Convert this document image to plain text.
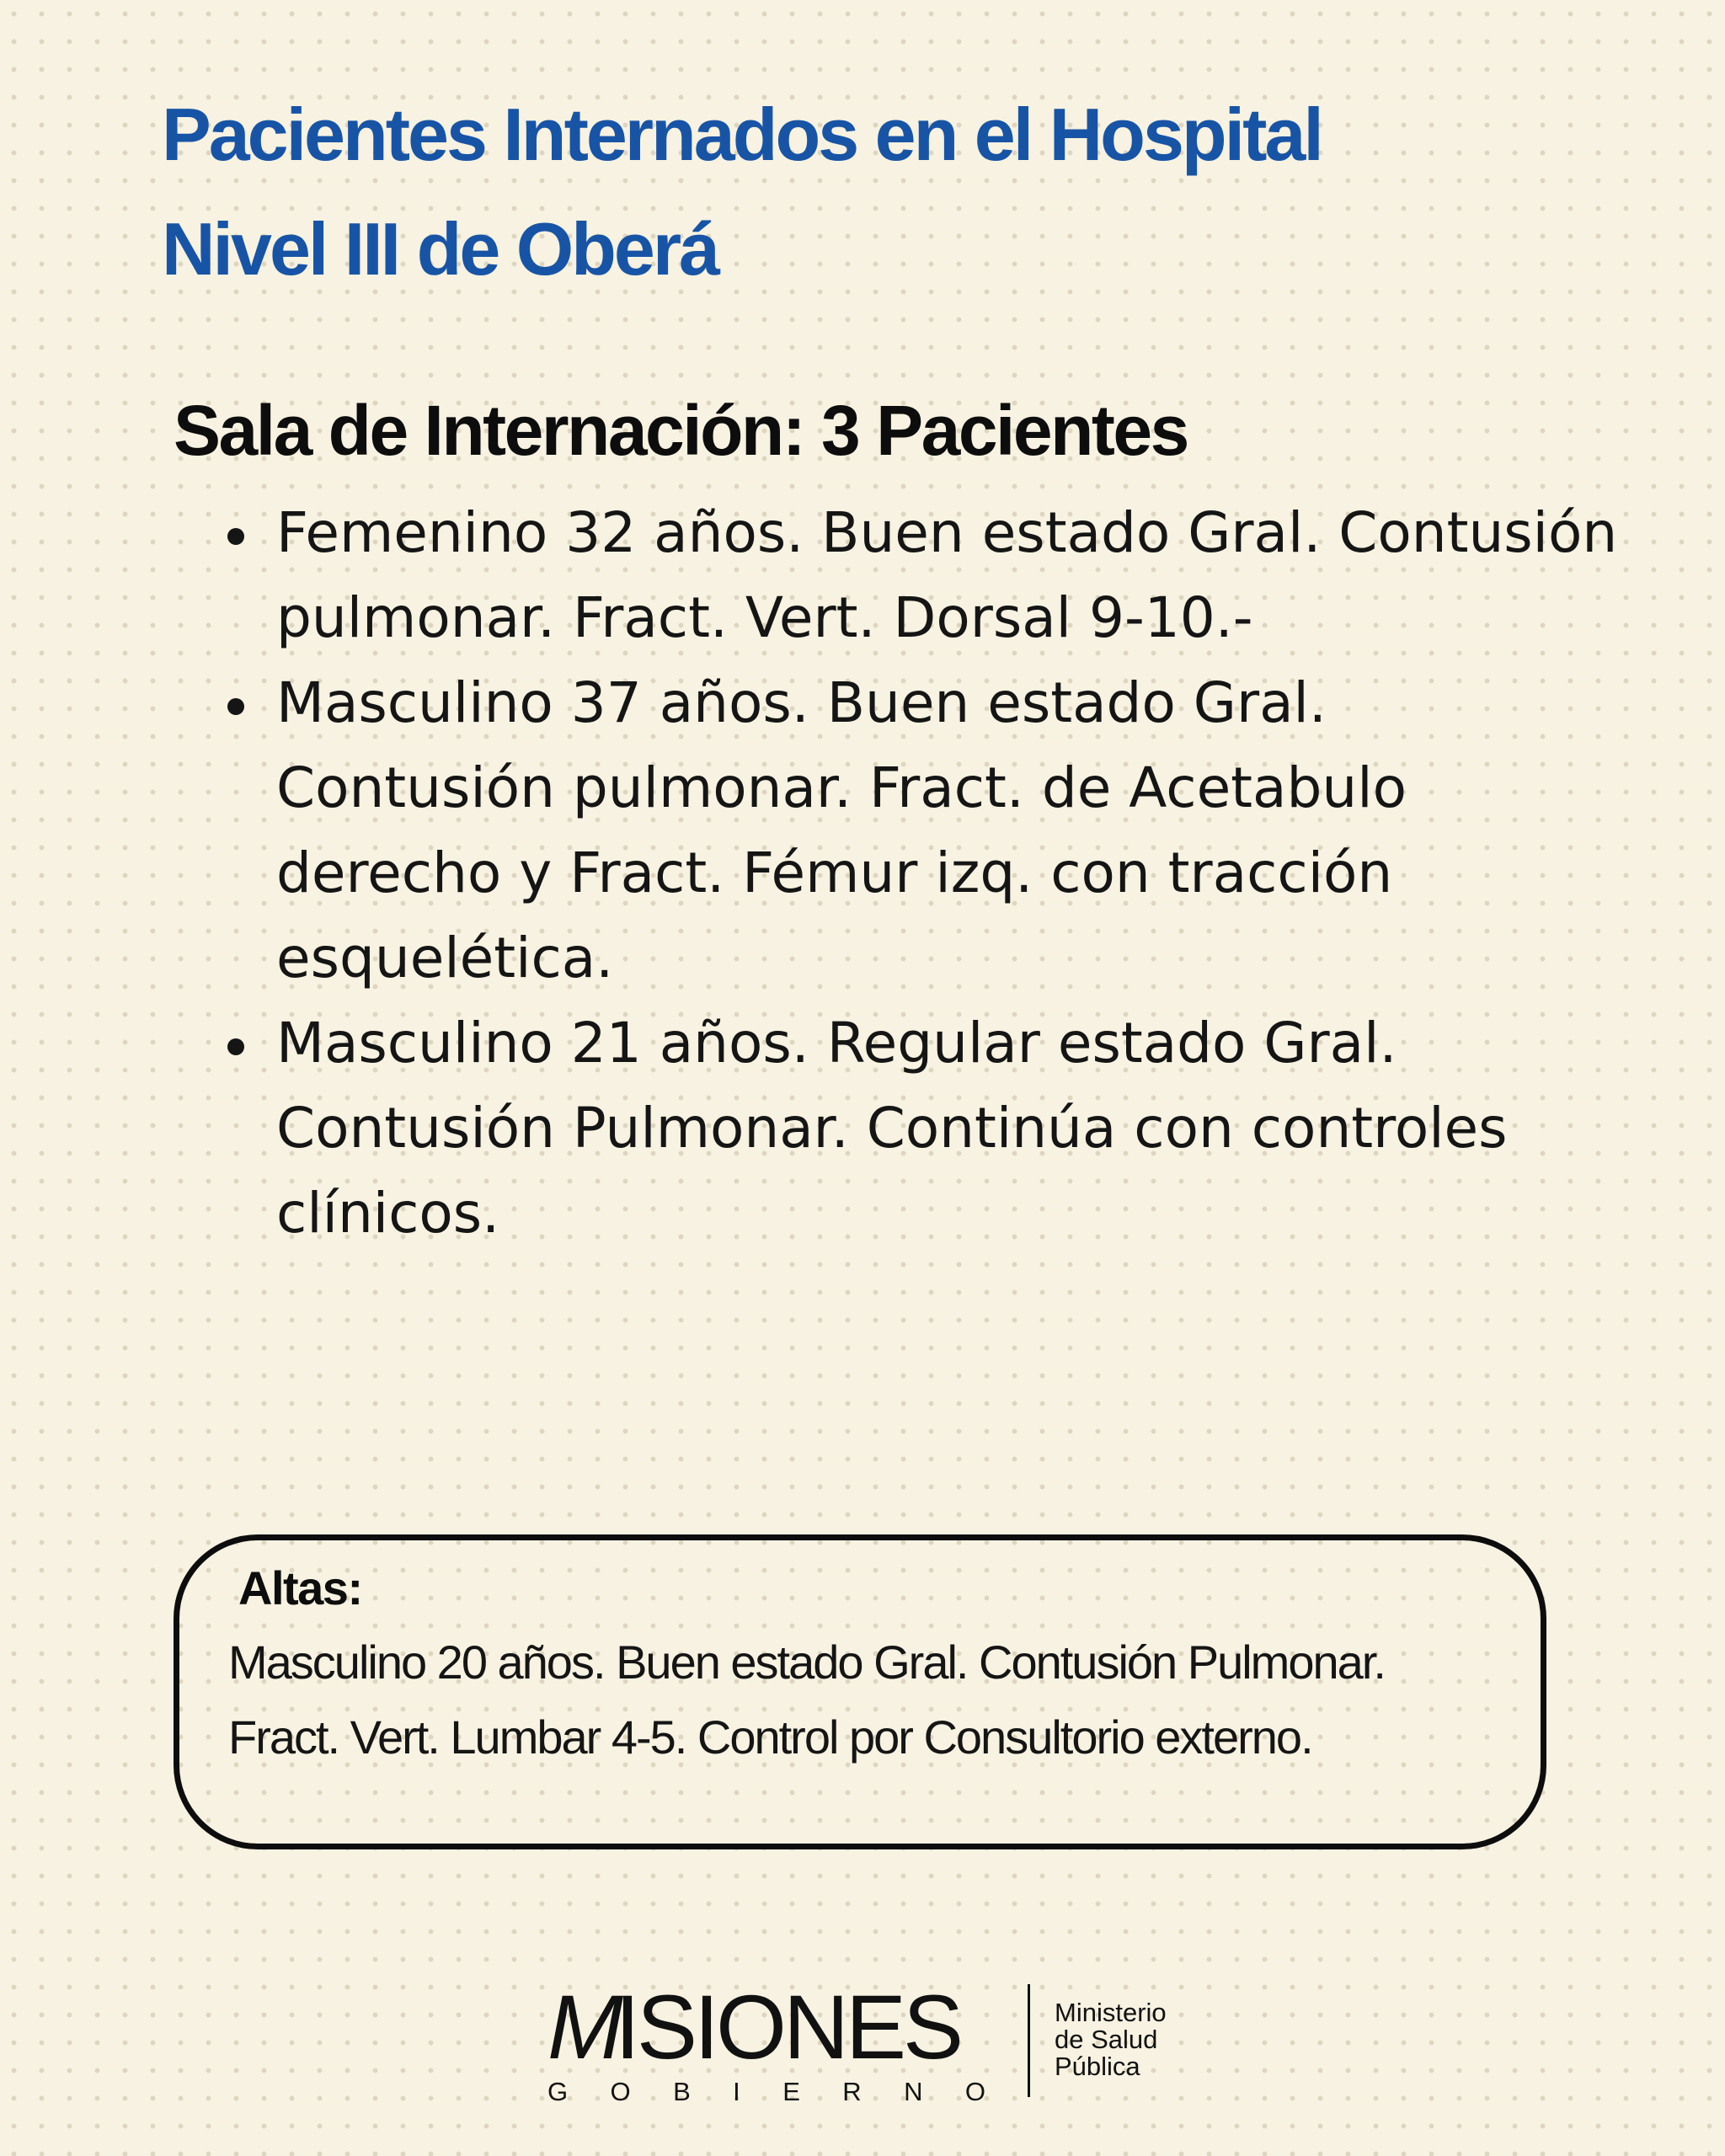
Pacientes Internados en el Hospital
Nivel III de Oberá
Sala de Internación: 3 Pacientes
Femenino 32 años. Buen estado Gral. Contusión
pulmonar. Fract. Vert. Dorsal 9-10.-
Masculino 37 años. Buen estado Gral.
Contusión pulmonar. Fract. de Acetabulo
derecho y Fract. Fémur izq. con tracción
esquelética.
Masculino 21 años. Regular estado Gral.
Contusión Pulmonar. Continúa con controles
clínicos.
Altas:
Masculino 20 años. Buen estado Gral. Contusión Pulmonar.
Fract. Vert. Lumbar 4-5. Control por Consultorio externo.
MISIONES
G O B I E R N O
Ministerio
de Salud
Pública
